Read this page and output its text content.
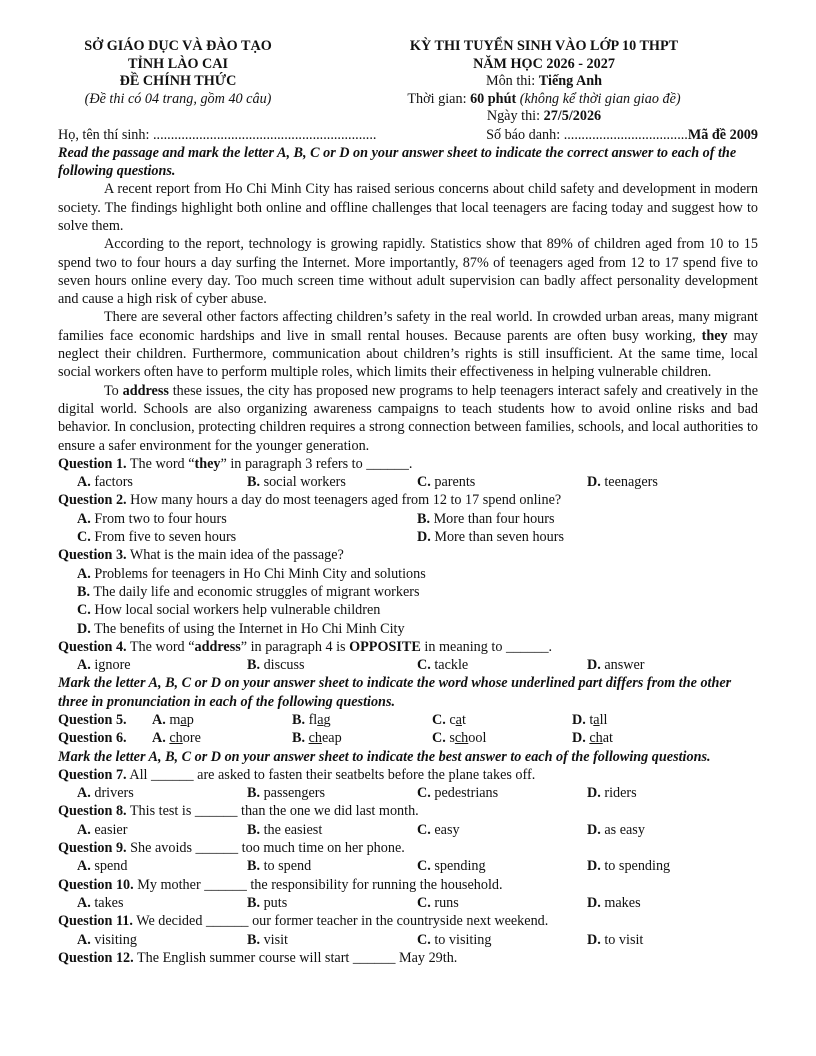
SỞ GIÁO DỤC VÀ ĐÀO TẠO
TỈNH LÀO CAI
ĐỀ CHÍNH THỨC
(Đề thi có 04 trang, gồm 40 câu)
KỲ THI TUYỂN SINH VÀO LỚP 10 THPT
NĂM HỌC 2026 - 2027
Môn thi: Tiếng Anh
Thời gian: 60 phút (không kể thời gian giao đề)
Ngày thi: 27/5/2026
Họ, tên thí sinh: ...............................................................	Số báo danh: ...................................Mã đề 2009
Read the passage and mark the letter A, B, C or D on your answer sheet to indicate the correct answer to each of the following questions.

A recent report from Ho Chi Minh City has raised serious concerns about child safety and development in modern society. The findings highlight both online and offline challenges that local teenagers are facing today and suggest how to solve them.

According to the report, technology is growing rapidly. Statistics show that 89% of children aged from 10 to 15 spend two to four hours a day surfing the Internet. More importantly, 87% of teenagers aged from 12 to 17 spend five to seven hours online every day. Too much screen time without adult supervision can badly affect personality development and cause a high risk of cyber abuse.

There are several other factors affecting children’s safety in the real world. In crowded urban areas, many migrant families face economic hardships and live in small rental houses. Because parents are often busy working, they may neglect their children. Furthermore, communication about children’s rights is still insufficient. At the same time, local social workers often have to perform multiple roles, which limits their effectiveness in helping vulnerable children.

To address these issues, the city has proposed new programs to help teenagers interact safely and creatively in the digital world. Schools are also organizing awareness campaigns to teach students how to avoid online risks and bad behavior. In conclusion, protecting children requires a strong connection between families, schools, and local authorities to ensure a safer environment for the younger generation.

Question 1. The word “they” in paragraph 3 refers to ______.
A. factors	B. social workers	C. parents	D. teenagers
Question 2. How many hours a day do most teenagers aged from 12 to 17 spend online?
A. From two to four hours	B. More than four hours
C. From five to seven hours	D. More than seven hours
Question 3. What is the main idea of the passage?
A. Problems for teenagers in Ho Chi Minh City and solutions
B. The daily life and economic struggles of migrant workers
C. How local social workers help vulnerable children
D. The benefits of using the Internet in Ho Chi Minh City
Question 4. The word “address” in paragraph 4 is OPPOSITE in meaning to ______.
A. ignore	B. discuss	C. tackle	D. answer
Mark the letter A, B, C or D on your answer sheet to indicate the word whose underlined part differs from the other three in pronunciation in each of the following questions.
Question 5.	A. map	B. flag	C. cat	D. tall
Question 6.	A. chore	B. cheap	C. school	D. chat
Mark the letter A, B, C or D on your answer sheet to indicate the best answer to each of the following questions.
Question 7. All ______ are asked to fasten their seatbelts before the plane takes off.
A. drivers	B. passengers	C. pedestrians	D. riders
Question 8. This test is ______ than the one we did last month.
A. easier	B. the easiest	C. easy	D. as easy
Question 9. She avoids ______ too much time on her phone.
A. spend	B. to spend	C. spending	D. to spending
Question 10. My mother ______ the responsibility for running the household.
A. takes	B. puts	C. runs	D. makes
Question 11. We decided ______ our former teacher in the countryside next weekend.
A. visiting	B. visit	C. to visiting	D. to visit
Question 12. The English summer course will start ______ May 29th.
